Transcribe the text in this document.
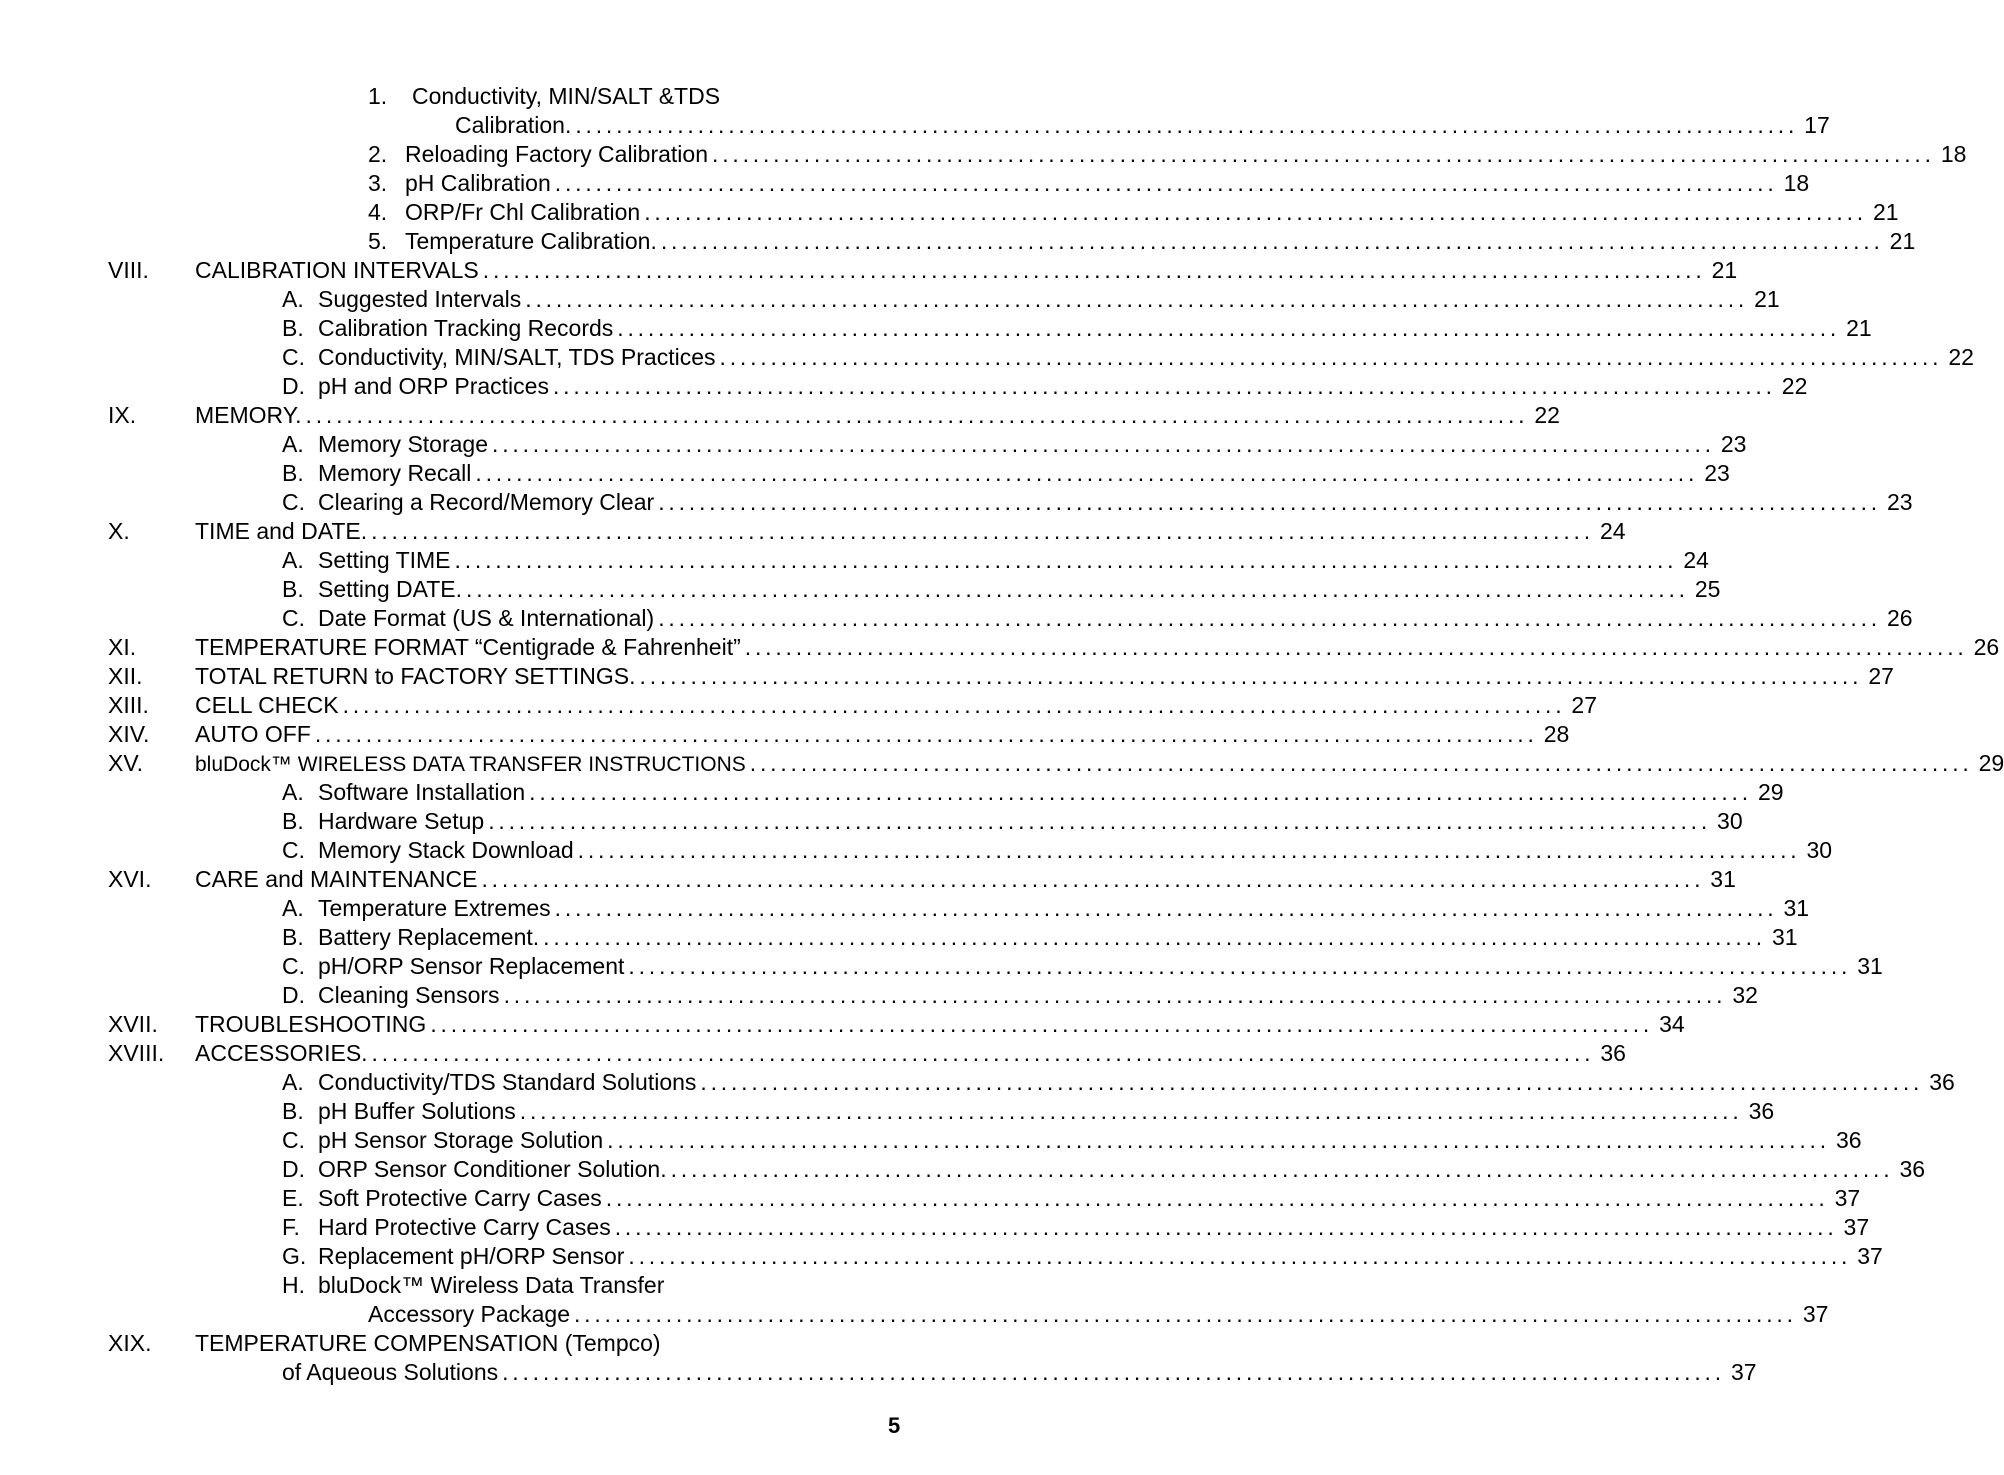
1. Conductivity, MIN/SALT &TDS
Calibration. ........................................................................................................................ 17
2. Reloading Factory Calibration ........................................................................................................................ 18
3. pH Calibration ........................................................................................................................ 18
4. ORP/Fr Chl Calibration ........................................................................................................................ 21
5. Temperature Calibration. ........................................................................................................................ 21
VIII. CALIBRATION INTERVALS ........................................................................................................................ 21
A. Suggested Intervals ........................................................................................................................ 21
B. Calibration Tracking Records ........................................................................................................................ 21
C. Conductivity, MIN/SALT, TDS Practices ........................................................................................................................ 22
D. pH and ORP Practices ........................................................................................................................ 22
IX.	MEMORY. ........................................................................................................................ 22
A. Memory Storage ........................................................................................................................ 23
B. Memory Recall ........................................................................................................................ 23
C. Clearing a Record/Memory Clear ........................................................................................................................ 23
X.	TIME and DATE. ........................................................................................................................ 24
A. Setting TIME ........................................................................................................................ 24
B. Setting DATE. ........................................................................................................................ 25
C. Date Format (US & International) ........................................................................................................................ 26
XI.	TEMPERATURE FORMAT “Centigrade & Fahrenheit” ........................................................................................................................ 26
XII. TOTAL RETURN to FACTORY SETTINGS. ........................................................................................................................ 27
XIII. CELL CHECK ........................................................................................................................ 27
XIV. AUTO OFF ........................................................................................................................ 28
XV. bluDock™ WIRELESS DATA TRANSFER INSTRUCTIONS ........................................................................................................................ 29
A. Software Installation ........................................................................................................................ 29
B. Hardware Setup ........................................................................................................................ 30
C. Memory Stack Download ........................................................................................................................ 30
XVI. CARE and MAINTENANCE ........................................................................................................................ 31
A. Temperature Extremes ........................................................................................................................ 31
B. Battery Replacement. ........................................................................................................................ 31
C. pH/ORP Sensor Replacement ........................................................................................................................ 31
D. Cleaning Sensors ........................................................................................................................ 32
XVII. TROUBLESHOOTING ........................................................................................................................ 34
XVIII. ACCESSORIES. ........................................................................................................................ 36
A. Conductivity/TDS Standard Solutions ........................................................................................................................ 36
B. pH Buffer Solutions ........................................................................................................................ 36
C. pH Sensor Storage Solution ........................................................................................................................ 36
D. ORP Sensor Conditioner Solution. ........................................................................................................................ 36
E. Soft Protective Carry Cases ........................................................................................................................ 37
F. Hard Protective Carry Cases ........................................................................................................................ 37
G. Replacement pH/ORP Sensor ........................................................................................................................ 37
H. bluDock™ Wireless Data Transfer
Accessory Package ........................................................................................................................ 37
XIX. TEMPERATURE COMPENSATION (Tempco)
of Aqueous Solutions ........................................................................................................................ 37
5
